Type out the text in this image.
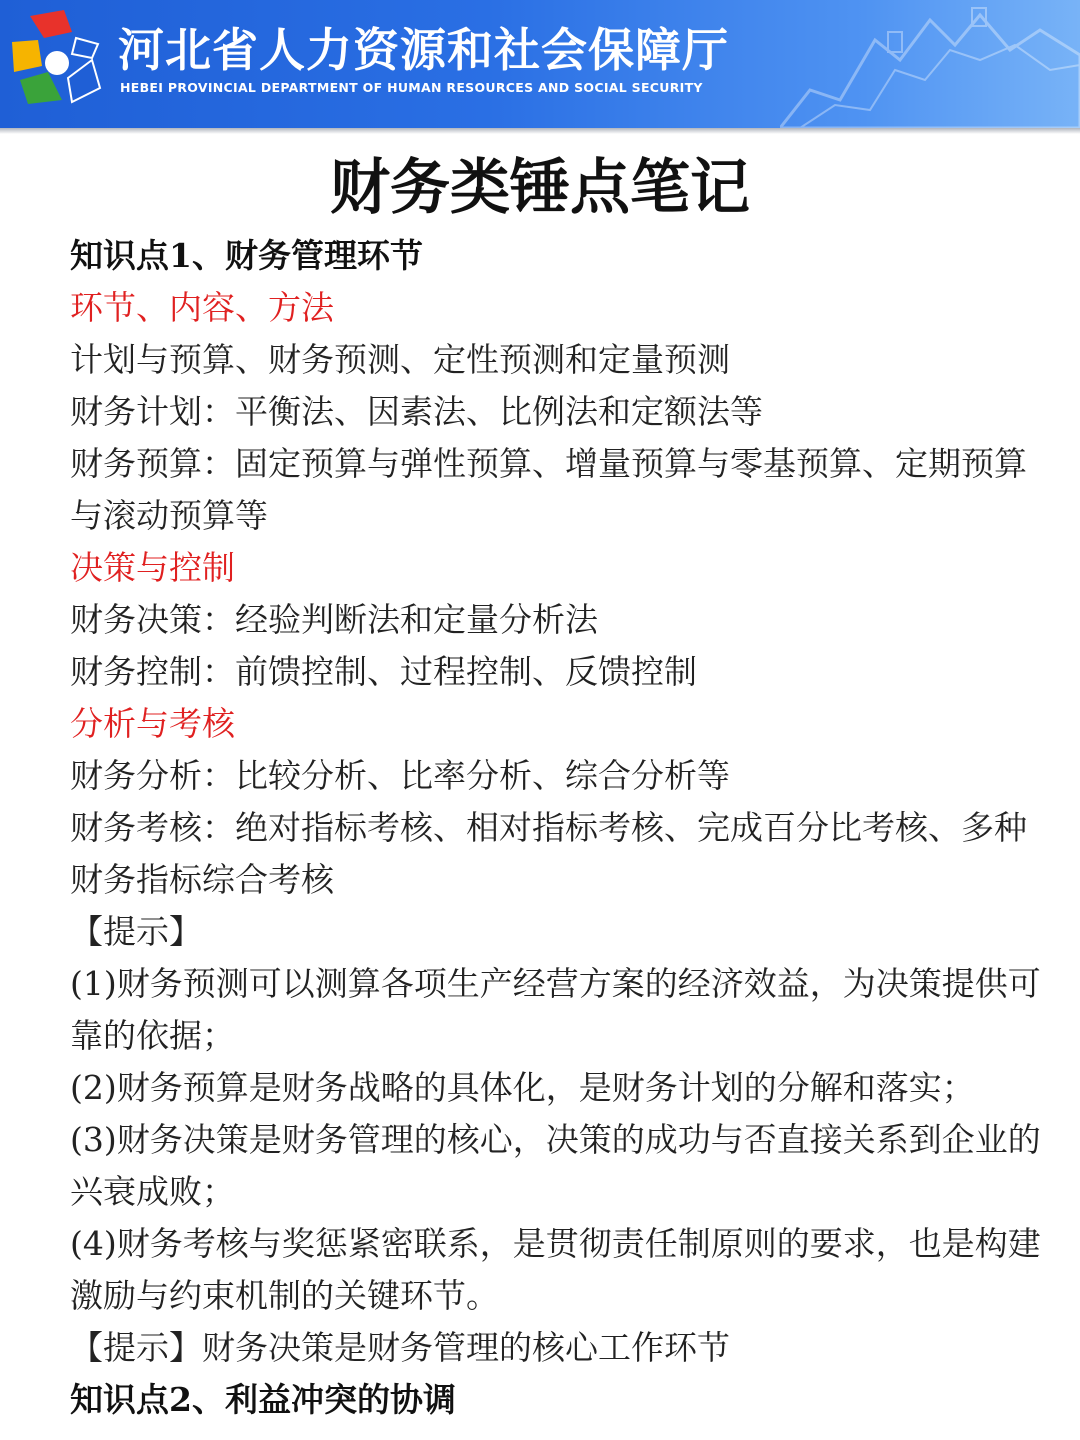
河北省人力资源和社会保障厅
HEBEI PROVINCIAL DEPARTMENT OF HUMAN RESOURCES AND SOCIAL SECURITY
财务类锤点笔记

知识点1、财务管理环节

环节、内容、方法

计划与预算、财务预测、定性预测和定量预测

财务计划：平衡法、因素法、比例法和定额法等

财务预算：固定预算与弹性预算、增量预算与零基预算、定期预算与滚动预算等

决策与控制

财务决策：经验判断法和定量分析法

财务控制：前馈控制、过程控制、反馈控制

分析与考核

财务分析：比较分析、比率分析、综合分析等

财务考核：绝对指标考核、相对指标考核、完成百分比考核、多种财务指标综合考核

【提示】

(1)财务预测可以测算各项生产经营方案的经济效益，为决策提供可靠的依据；

(2)财务预算是财务战略的具体化，是财务计划的分解和落实；

(3)财务决策是财务管理的核心，决策的成功与否直接关系到企业的兴衰成败；

(4)财务考核与奖惩紧密联系，是贯彻责任制原则的要求，也是构建激励与约束机制的关键环节。

【提示】财务决策是财务管理的核心工作环节

知识点2、利益冲突的协调
